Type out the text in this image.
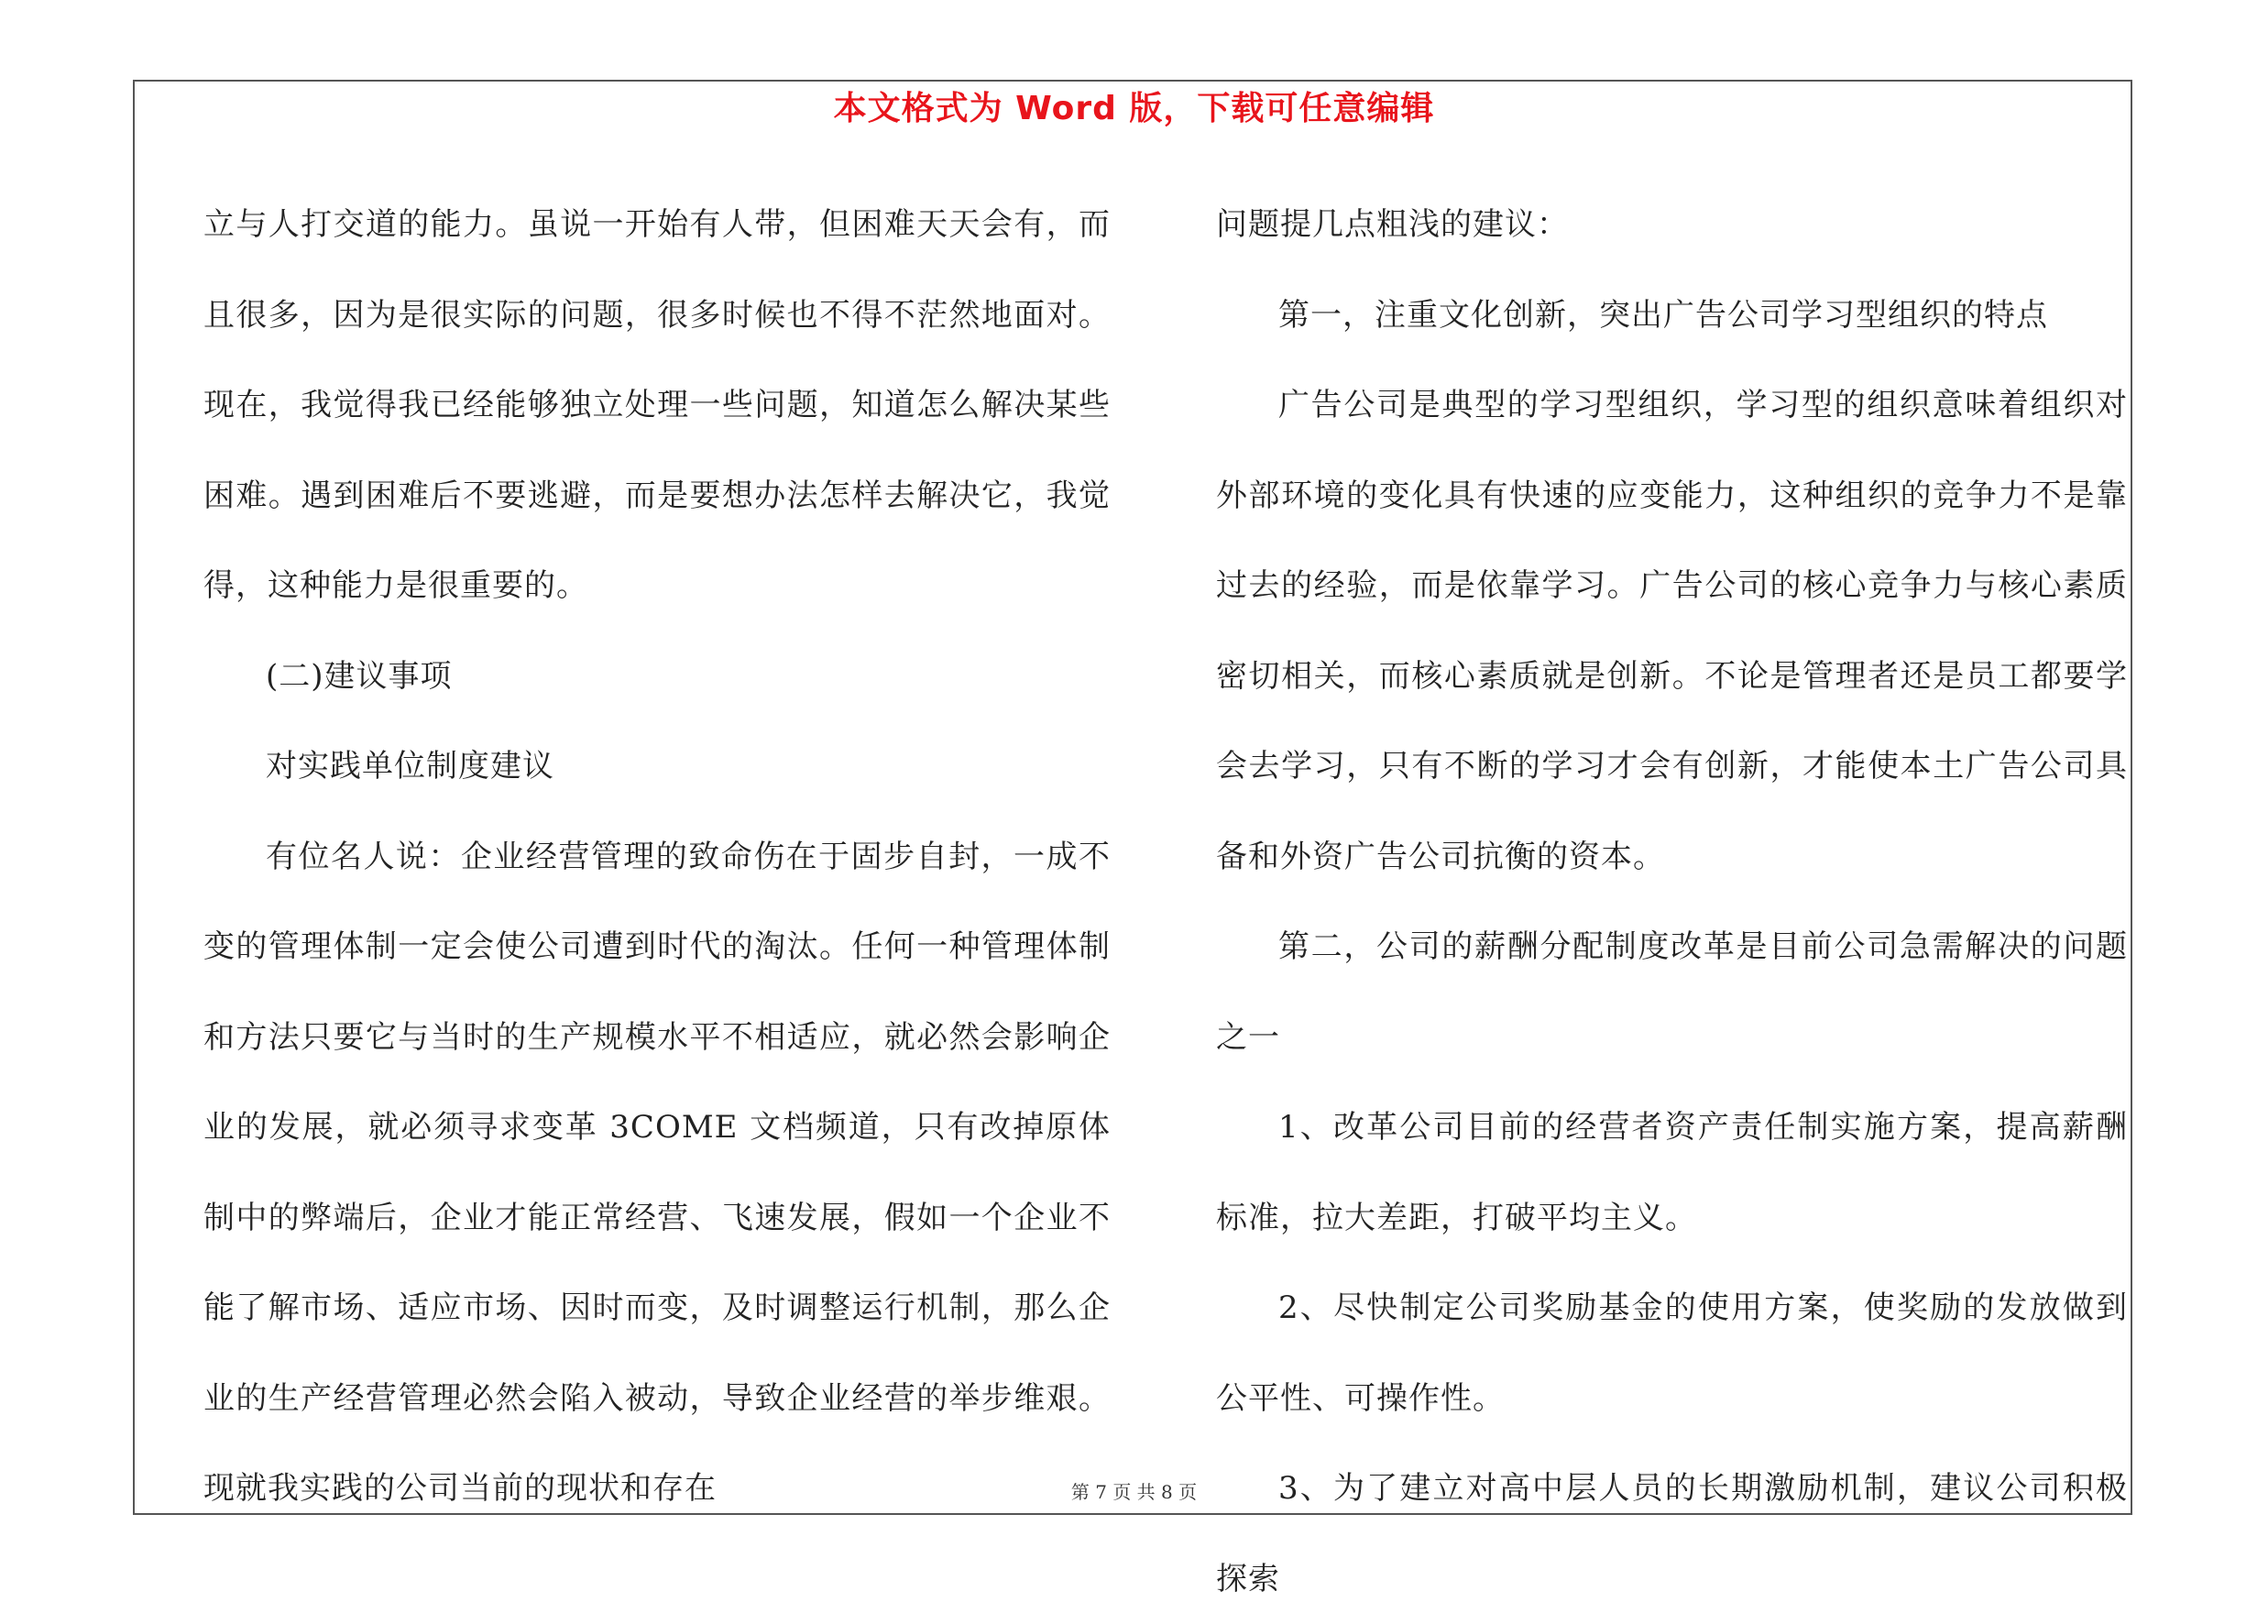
本文格式为 Word 版，下载可任意编辑

立与人打交道的能力。虽说一开始有人带，但困难天天会有，而且很多，因为是很实际的问题，很多时候也不得不茫然地面对。现在，我觉得我已经能够独立处理一些问题，知道怎么解决某些困难。遇到困难后不要逃避，而是要想办法怎样去解决它，我觉得，这种能力是很重要的。

(二)建议事项

对实践单位制度建议

有位名人说：企业经营管理的致命伤在于固步自封，一成不变的管理体制一定会使公司遭到时代的淘汰。任何一种管理体制和方法只要它与当时的生产规模水平不相适应，就必然会影响企业的发展，就必须寻求变革 3COME 文档频道，只有改掉原体制中的弊端后，企业才能正常经营、飞速发展，假如一个企业不能了解市场、适应市场、因时而变，及时调整运行机制，那么企业的生产经营管理必然会陷入被动，导致企业经营的举步维艰。现就我实践的公司当前的现状和存在

问题提几点粗浅的建议：

第一，注重文化创新，突出广告公司学习型组织的特点

广告公司是典型的学习型组织，学习型的组织意味着组织对外部环境的变化具有快速的应变能力，这种组织的竞争力不是靠过去的经验，而是依靠学习。广告公司的核心竞争力与核心素质密切相关，而核心素质就是创新。不论是管理者还是员工都要学会去学习，只有不断的学习才会有创新，才能使本土广告公司具备和外资广告公司抗衡的资本。

第二，公司的薪酬分配制度改革是目前公司急需解决的问题之一

1、改革公司目前的经营者资产责任制实施方案，提高薪酬标准，拉大差距，打破平均主义。

2、尽快制定公司奖励基金的使用方案，使奖励的发放做到公平性、可操作性。

3、为了建立对高中层人员的长期激励机制，建议公司积极探索

第 7 页 共 8 页
